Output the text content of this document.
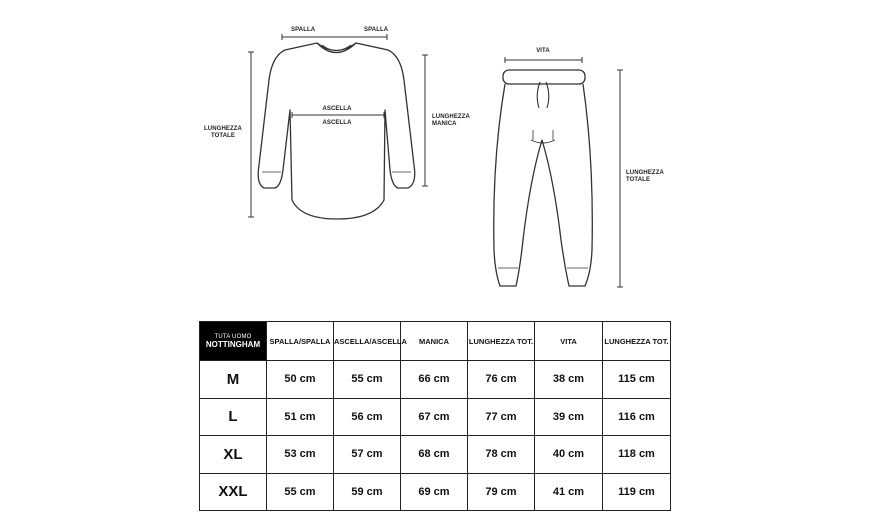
SPALLA	SPALLA
ASCELLA
ASCELLA
LUNGHEZZA
TOTALE
LUNGHEZZA
MANICA
VITA
LUNGHEZZA
TOTALE
TUTA UOMO
NOTTINGHAM	SPALLA/SPALLA	ASCELLA/ASCELLA	MANICA	LUNGHEZZA TOT.	VITA	LUNGHEZZA TOT.
M	50 cm	55 cm	66 cm	76 cm	38 cm	115 cm
L	51 cm	56 cm	67 cm	77 cm	39 cm	116 cm
XL	53 cm	57 cm	68 cm	78 cm	40 cm	118 cm
XXL	55 cm	59 cm	69 cm	79 cm	41 cm	119 cm
